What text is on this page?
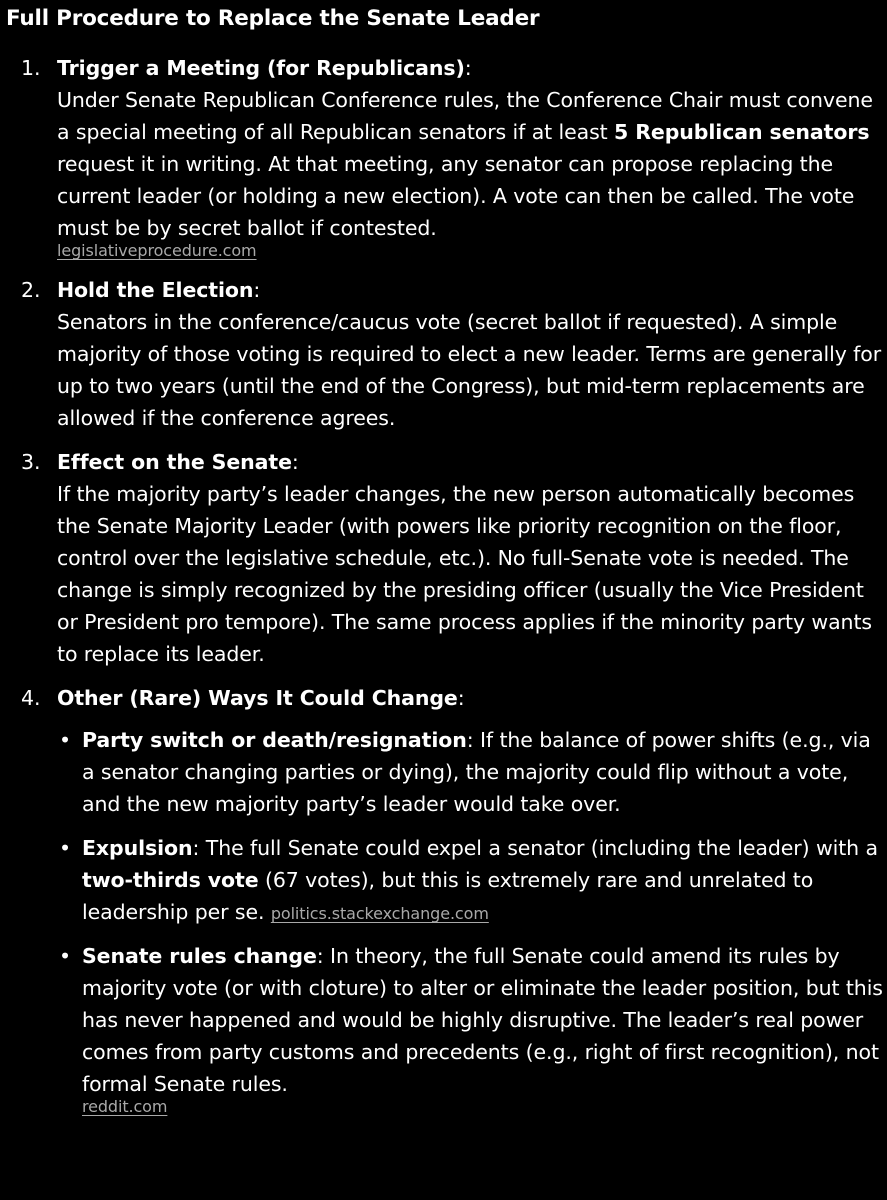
Full Procedure to Replace the Senate Leader
1. Trigger a Meeting (for Republicans):
Under Senate Republican Conference rules, the Conference Chair must convene a special meeting of all Republican senators if at least 5 Republican senators request it in writing. At that meeting, any senator can propose replacing the current leader (or holding a new election). A vote can then be called. The vote must be by secret ballot if contested.
legislativeprocedure.com
2. Hold the Election:
Senators in the conference/caucus vote (secret ballot if requested). A simple majority of those voting is required to elect a new leader. Terms are generally for up to two years (until the end of the Congress), but mid-term replacements are allowed if the conference agrees.
3. Effect on the Senate:
If the majority party’s leader changes, the new person automatically becomes the Senate Majority Leader (with powers like priority recognition on the floor, control over the legislative schedule, etc.). No full-Senate vote is needed. The change is simply recognized by the presiding officer (usually the Vice President or President pro tempore). The same process applies if the minority party wants to replace its leader.
4. Other (Rare) Ways It Could Change:
• Party switch or death/resignation: If the balance of power shifts (e.g., via a senator changing parties or dying), the majority could flip without a vote, and the new majority party’s leader would take over.
• Expulsion: The full Senate could expel a senator (including the leader) with a two-thirds vote (67 votes), but this is extremely rare and unrelated to leadership per se. politics.stackexchange.com
• Senate rules change: In theory, the full Senate could amend its rules by majority vote (or with cloture) to alter or eliminate the leader position, but this has never happened and would be highly disruptive. The leader’s real power comes from party customs and precedents (e.g., right of first recognition), not formal Senate rules.
reddit.com
